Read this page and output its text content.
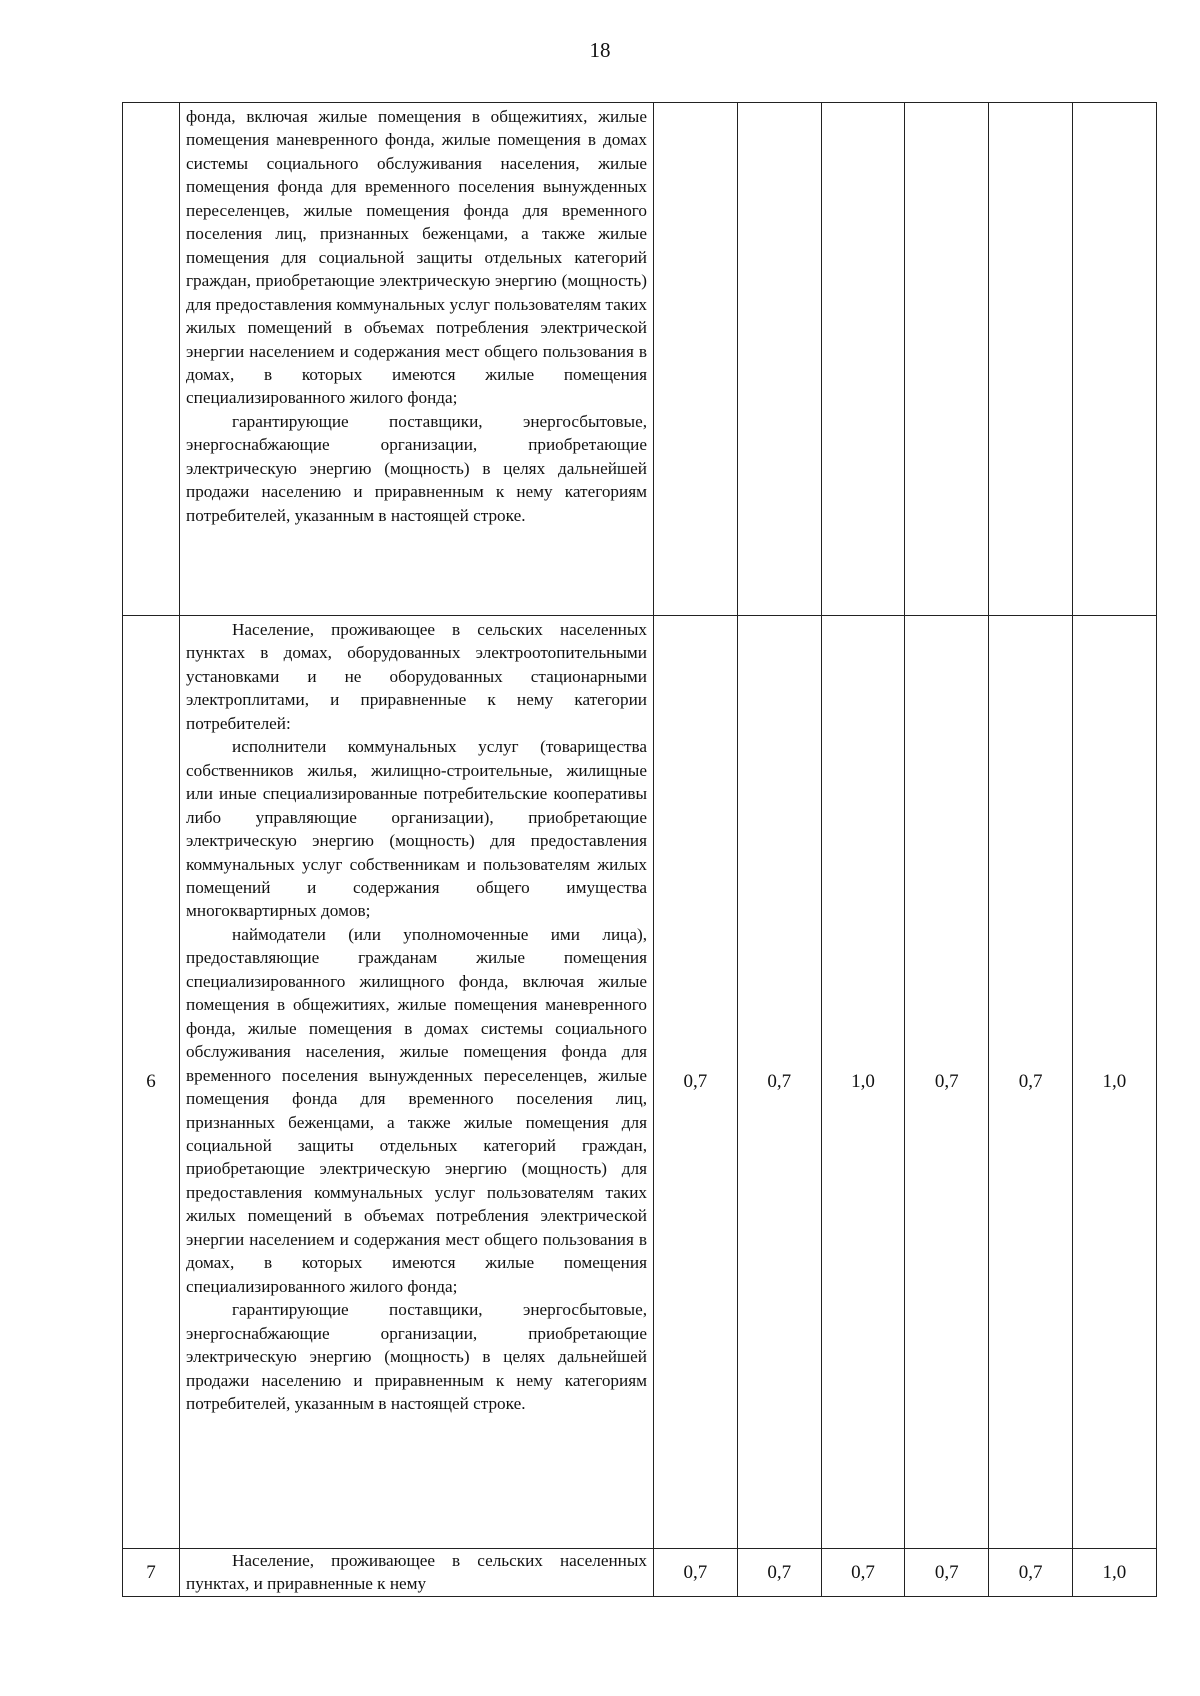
18

	фонда, включая жилые помещения в общежитиях, жилые помещения маневренного фонда, жилые помещения в домах системы социального обслуживания населения, жилые помещения фонда для временного поселения вынужденных переселенцев, жилые помещения фонда для временного поселения лиц, признанных беженцами, а также жилые помещения для социальной защиты отдельных категорий граждан, приобретающие электрическую энергию (мощность) для предоставления коммунальных услуг пользователям таких жилых помещений в объемах потребления электрической энергии населением и содержания мест общего пользования в домах, в которых имеются жилые помещения специализированного жилого фонда;

гарантирующие поставщики, энергосбытовые, энергоснабжающие организации, приобретающие электрическую энергию (мощность) в целях дальнейшей продажи населению и приравненным к нему категориям потребителей, указанным в настоящей строке.						

6	Население, проживающее в сельских населенных пунктах в домах, оборудованных электроотопительными установками и не оборудованных стационарными электроплитами, и приравненные к нему категории потребителей:

исполнители коммунальных услуг (товарищества собственников жилья, жилищно-строительные, жилищные или иные специализированные потребительские кооперативы либо управляющие организации), приобретающие электрическую энергию (мощность) для предоставления коммунальных услуг собственникам и пользователям жилых помещений и содержания общего имущества многоквартирных домов;

наймодатели (или уполномоченные ими лица), предоставляющие гражданам жилые помещения специализированного жилищного фонда, включая жилые помещения в общежитиях, жилые помещения маневренного фонда, жилые помещения в домах системы социального обслуживания населения, жилые помещения фонда для временного поселения вынужденных переселенцев, жилые помещения фонда для временного поселения лиц, признанных беженцами, а также жилые помещения для социальной защиты отдельных категорий граждан, приобретающие электрическую энергию (мощность) для предоставления коммунальных услуг пользователям таких жилых помещений в объемах потребления электрической энергии населением и содержания мест общего пользования в домах, в которых имеются жилые помещения специализированного жилого фонда;

гарантирующие поставщики, энергосбытовые, энергоснабжающие организации, приобретающие электрическую энергию (мощность) в целях дальнейшей продажи населению и приравненным к нему категориям потребителей, указанным в настоящей строке.	0,7	0,7	1,0	0,7	0,7	1,0
7	Население, проживающее в сельских населенных пунктах, и приравненные к нему	0,7	0,7	0,7	0,7	0,7	1,0
